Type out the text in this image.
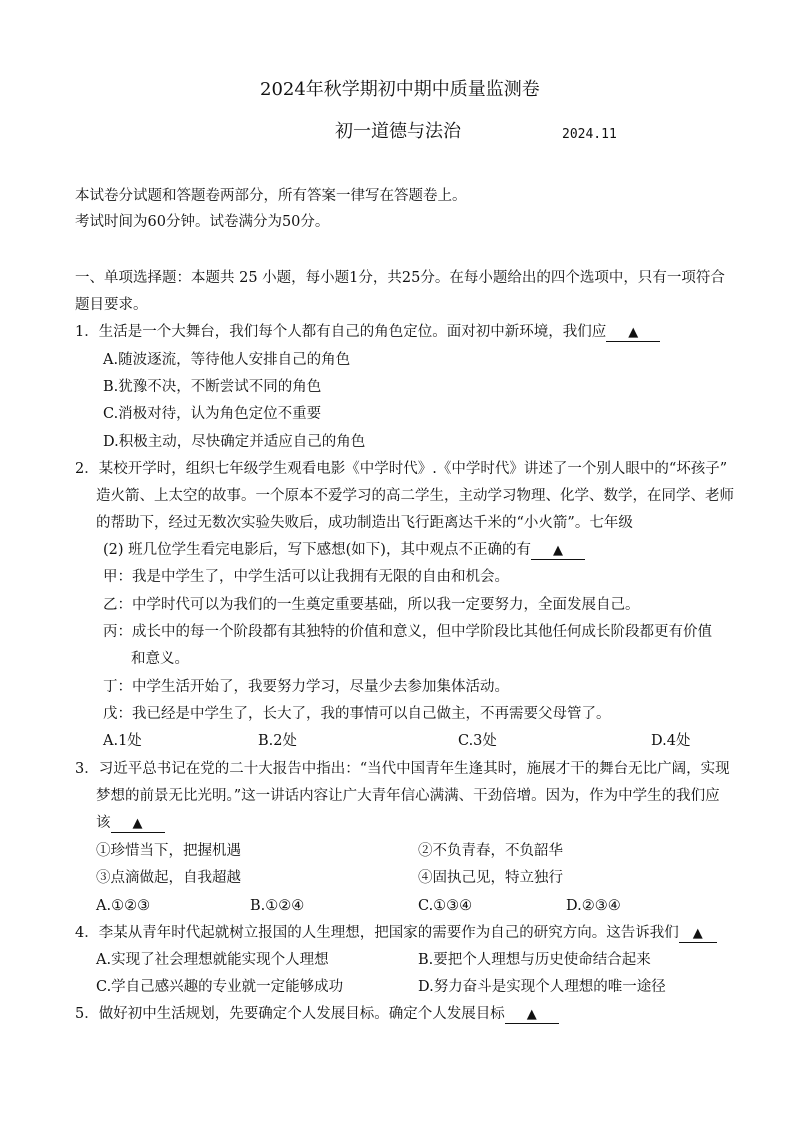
2024年秋学期初中期中质量监测卷
初一道德与法治	2024.11
本试卷分试题和答题卷两部分，所有答案一律写在答题卷上。
考试时间为60分钟。试卷满分为50分。
一、单项选择题：本题共 25 小题，每小题1分，共25分。在每小题给出的四个选项中，只有一项符合
题目要求。
1．生活是一个大舞台，我们每个人都有自己的角色定位。面对初中新环境，我们应 ▲
A.随波逐流，等待他人安排自己的角色
B.犹豫不决，不断尝试不同的角色
C.消极对待，认为角色定位不重要
D.积极主动，尽快确定并适应自己的角色
2．某校开学时，组织七年级学生观看电影《中学时代》.《中学时代》讲述了一个别人眼中的“坏孩子”
造火箭、上太空的故事。一个原本不爱学习的高二学生，主动学习物理、化学、数学，在同学、老师
的帮助下，经过无数次实验失败后，成功制造出飞行距离达千米的“小火箭”。七年级
(2) 班几位学生看完电影后，写下感想(如下)，其中观点不正确的有 ▲
甲：我是中学生了，中学生活可以让我拥有无限的自由和机会。
乙：中学时代可以为我们的一生奠定重要基础，所以我一定要努力，全面发展自己。
丙：成长中的每一个阶段都有其独特的价值和意义，但中学阶段比其他任何成长阶段都更有价值
和意义。
丁：中学生活开始了，我要努力学习，尽量少去参加集体活动。
戊：我已经是中学生了，长大了，我的事情可以自己做主，不再需要父母管了。
A.1处	B.2处	C.3处	D.4处
3．习近平总书记在党的二十大报告中指出：“当代中国青年生逢其时，施展才干的舞台无比广阔，实现
梦想的前景无比光明。”这一讲话内容让广大青年信心满满、干劲倍增。因为，作为中学生的我们应
该 ▲
①珍惜当下，把握机遇	②不负青春，不负韶华
③点滴做起，自我超越	④固执己见，特立独行
A.①②③	B.①②④	C.①③④	D.②③④
4．李某从青年时代起就树立报国的人生理想，把国家的需要作为自己的研究方向。这告诉我们 ▲
A.实现了社会理想就能实现个人理想	B.要把个人理想与历史使命结合起来
C.学自己感兴趣的专业就一定能够成功	D.努力奋斗是实现个人理想的唯一途径
5．做好初中生活规划，先要确定个人发展目标。确定个人发展目标 ▲
